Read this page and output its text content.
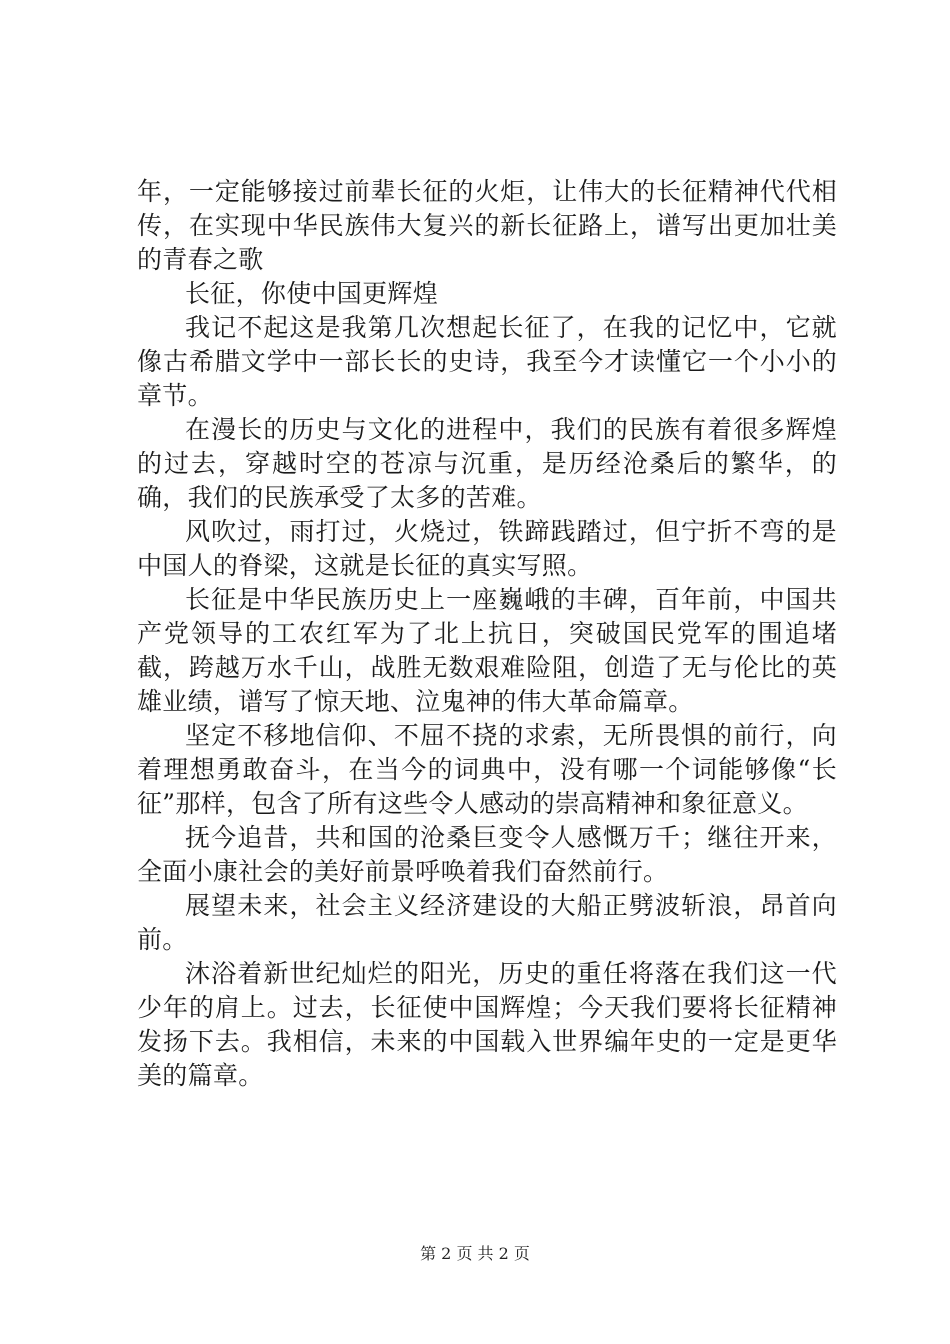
年，一定能够接过前辈长征的火炬，让伟大的长征精神代代相传，在实现中华民族伟大复兴的新长征路上，谱写出更加壮美的青春之歌

长征，你使中国更辉煌

我记不起这是我第几次想起长征了，在我的记忆中，它就像古希腊文学中一部长长的史诗，我至今才读懂它一个小小的章节。

在漫长的历史与文化的进程中，我们的民族有着很多辉煌的过去，穿越时空的苍凉与沉重，是历经沧桑后的繁华，的确，我们的民族承受了太多的苦难。

风吹过，雨打过，火烧过，铁蹄践踏过，但宁折不弯的是中国人的脊梁，这就是长征的真实写照。

长征是中华民族历史上一座巍峨的丰碑，百年前，中国共产党领导的工农红军为了北上抗日，突破国民党军的围追堵截，跨越万水千山，战胜无数艰难险阻，创造了无与伦比的英雄业绩，谱写了惊天地、泣鬼神的伟大革命篇章。

坚定不移地信仰、不屈不挠的求索，无所畏惧的前行，向着理想勇敢奋斗，在当今的词典中，没有哪一个词能够像“长征”那样，包含了所有这些令人感动的崇高精神和象征意义。

抚今追昔，共和国的沧桑巨变令人感慨万千；继往开来，全面小康社会的美好前景呼唤着我们奋然前行。

展望未来，社会主义经济建设的大船正劈波斩浪，昂首向前。

沐浴着新世纪灿烂的阳光，历史的重任将落在我们这一代少年的肩上。过去，长征使中国辉煌；今天我们要将长征精神发扬下去。我相信，未来的中国载入世界编年史的一定是更华美的篇章。

第 2 页 共 2 页
